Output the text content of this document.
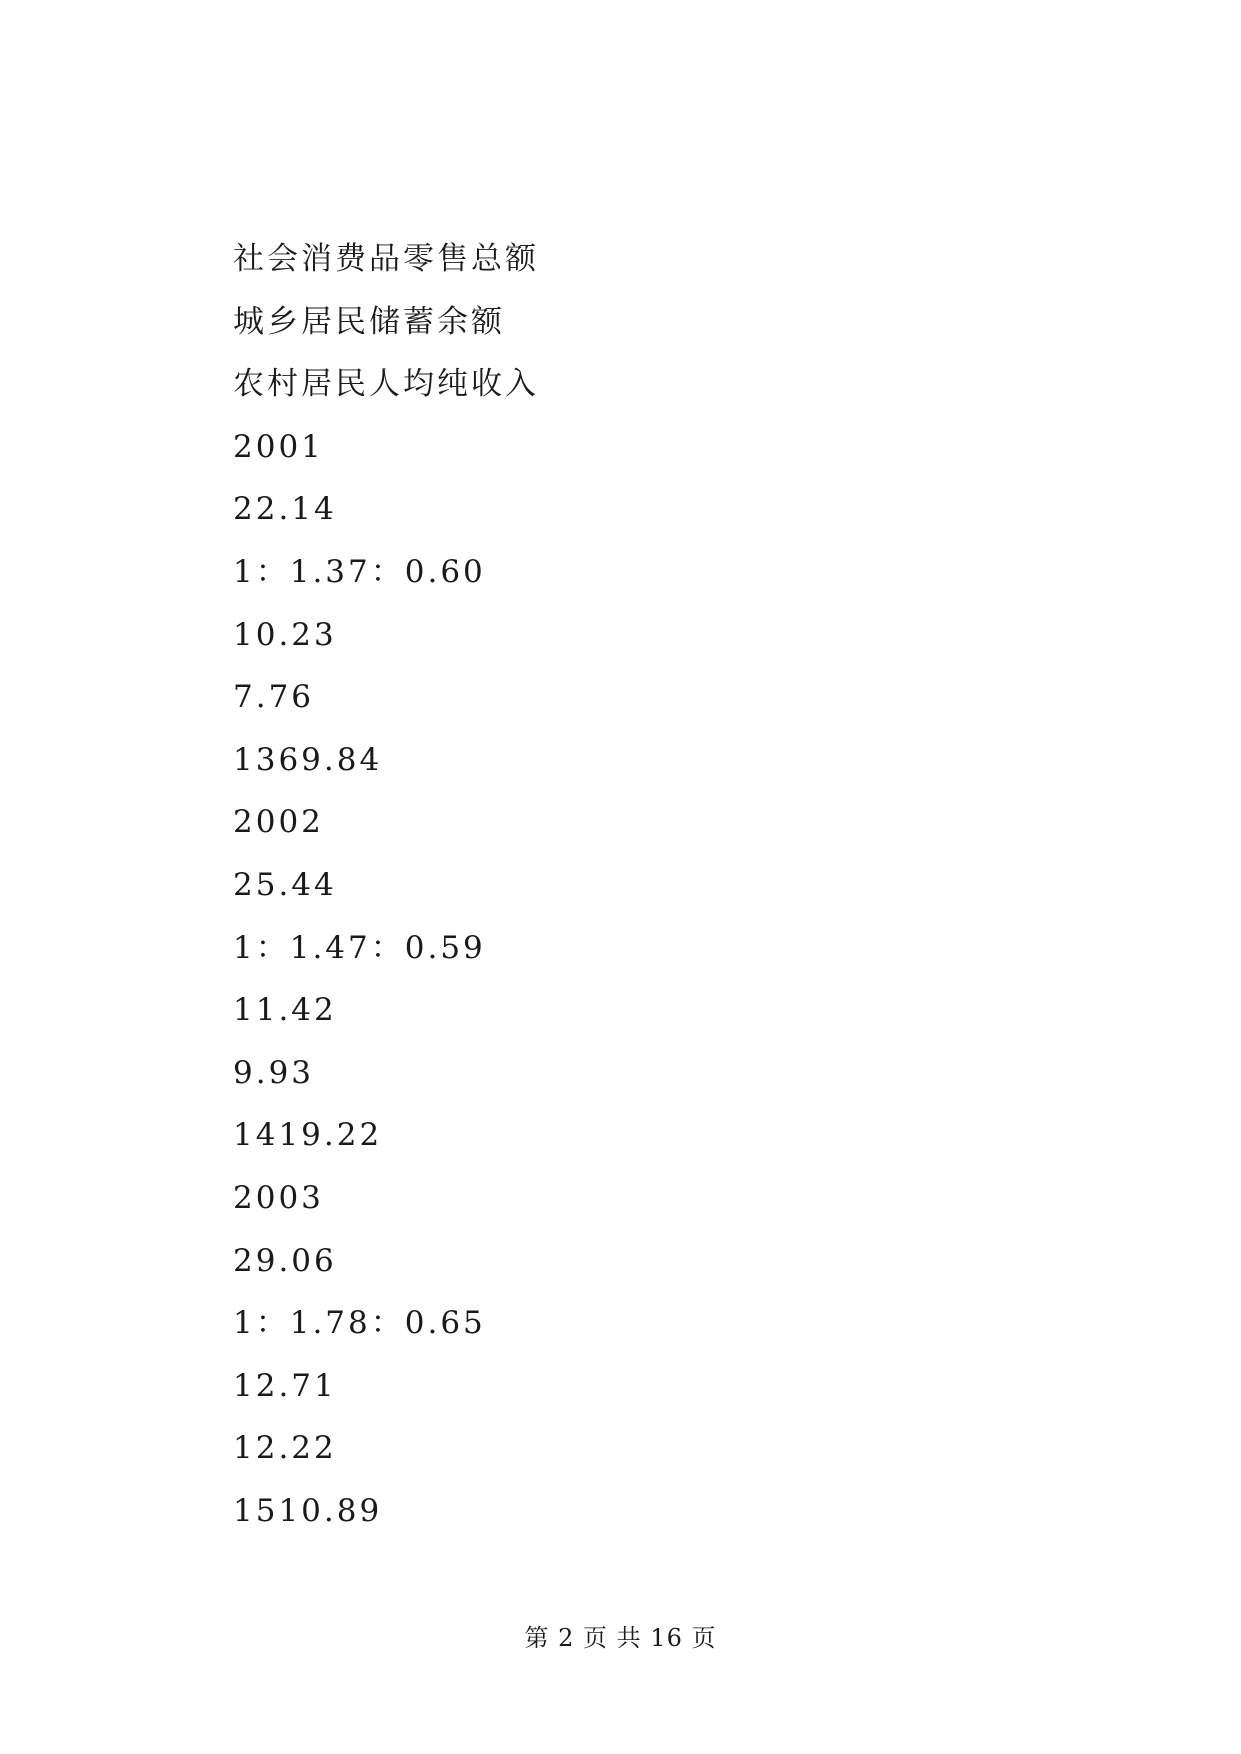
社会消费品零售总额
城乡居民储蓄余额
农村居民人均纯收入
2001
22.14
1：1.37：0.60
10.23
7.76
1369.84
2002
25.44
1：1.47：0.59
11.42
9.93
1419.22
2003
29.06
1：1.78：0.65
12.71
12.22
1510.89
第 2 页 共 16 页
